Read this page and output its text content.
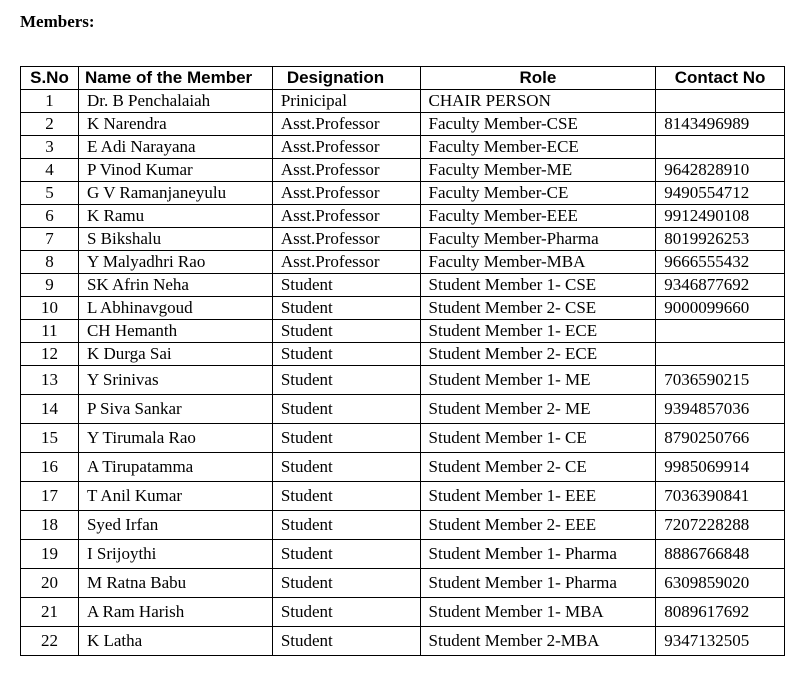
Members:
S.No	Name of the Member	Designation	Role	Contact No
1	Dr. B Penchalaiah	Prinicipal	CHAIR PERSON	
2	K Narendra	Asst.Professor	Faculty Member-CSE	8143496989
3	E Adi Narayana	Asst.Professor	Faculty Member-ECE	
4	P Vinod Kumar	Asst.Professor	Faculty Member-ME	9642828910
5	G V Ramanjaneyulu	Asst.Professor	Faculty Member-CE	9490554712
6	K Ramu	Asst.Professor	Faculty Member-EEE	9912490108
7	S Bikshalu	Asst.Professor	Faculty Member-Pharma	8019926253
8	Y Malyadhri Rao	Asst.Professor	Faculty Member-MBA	9666555432
9	SK Afrin Neha	Student	Student Member 1- CSE	9346877692
10	L Abhinavgoud	Student	Student Member 2- CSE	9000099660
11	CH Hemanth	Student	Student Member 1- ECE	
12	K Durga Sai	Student	Student Member 2- ECE	
13	Y Srinivas	Student	Student Member 1- ME	7036590215
14	P Siva Sankar	Student	Student Member 2- ME	9394857036
15	Y Tirumala Rao	Student	Student Member 1- CE	8790250766
16	A Tirupatamma	Student	Student Member 2- CE	9985069914
17	T Anil Kumar	Student	Student Member 1- EEE	7036390841
18	Syed Irfan	Student	Student Member 2- EEE	7207228288
19	I Srijoythi	Student	Student Member 1- Pharma	8886766848
20	M Ratna Babu	Student	Student Member 1- Pharma	6309859020
21	A Ram Harish	Student	Student Member 1- MBA	8089617692
22	K Latha	Student	Student Member 2-MBA	9347132505
